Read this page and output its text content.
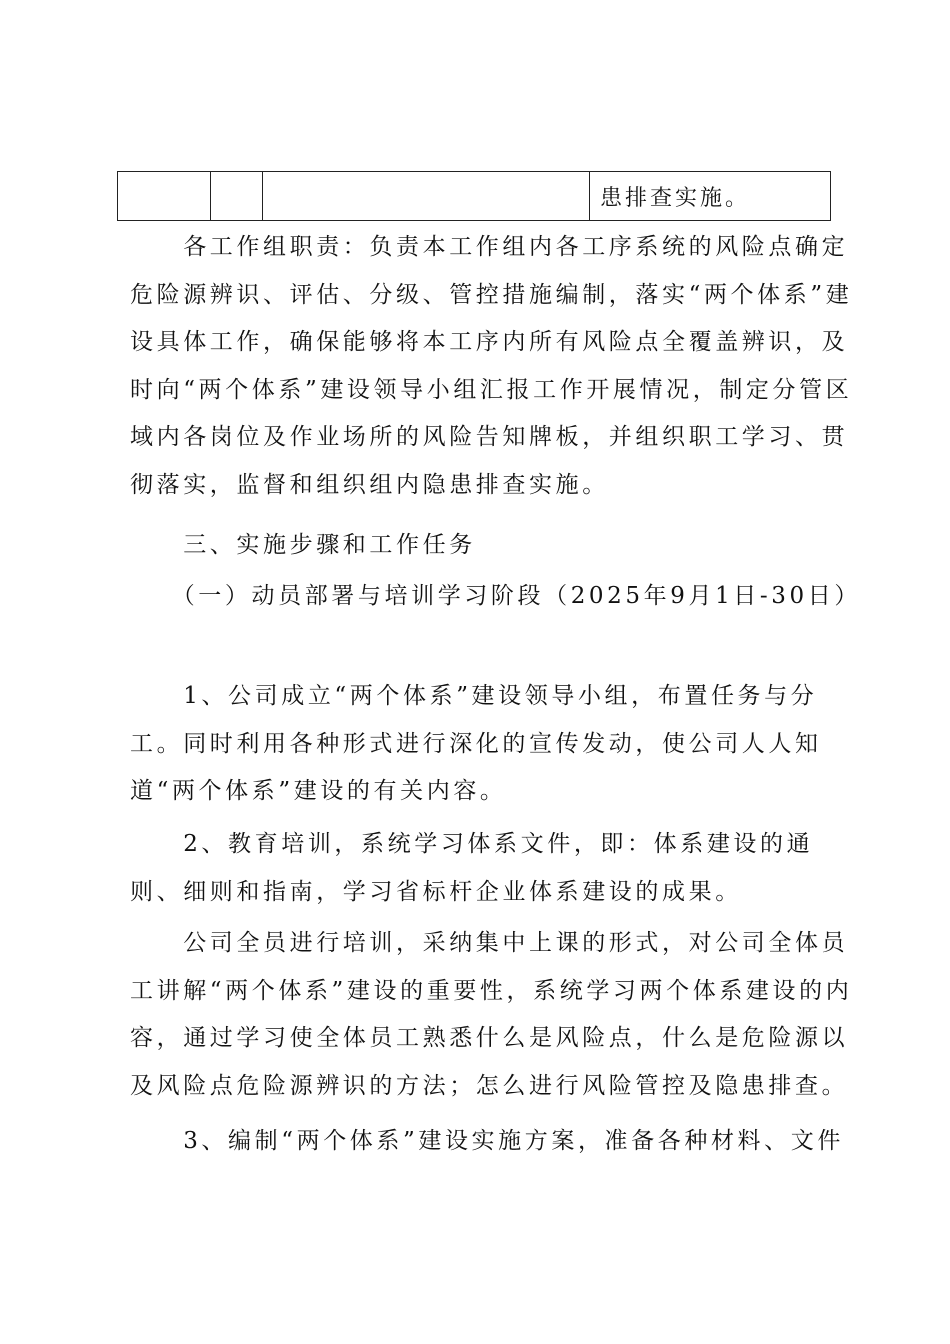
			患排查实施。

　　各工作组职责：负责本工作组内各工序系统的风险点确定危险源辨识、评估、分级、管控措施编制，落实“两个体系”建设具体工作，确保能够将本工序内所有风险点全覆盖辨识，及时向“两个体系”建设领导小组汇报工作开展情况，制定分管区域内各岗位及作业场所的风险告知牌板，并组织职工学习、贯彻落实，监督和组织组内隐患排查实施。

　　三、实施步骤和工作任务

　　（一）动员部署与培训学习阶段（2025年9月1日-30日）

　　1、公司成立“两个体系”建设领导小组，布置任务与分工。同时利用各种形式进行深化的宣传发动，使公司人人知道“两个体系”建设的有关内容。

　　2、教育培训，系统学习体系文件，即：体系建设的通则、细则和指南，学习省标杆企业体系建设的成果。

　　公司全员进行培训，采纳集中上课的形式，对公司全体员工讲解“两个体系”建设的重要性，系统学习两个体系建设的内容，通过学习使全体员工熟悉什么是风险点，什么是危险源以及风险点危险源辨识的方法；怎么进行风险管控及隐患排查。

　　3、编制“两个体系”建设实施方案，准备各种材料、文件
